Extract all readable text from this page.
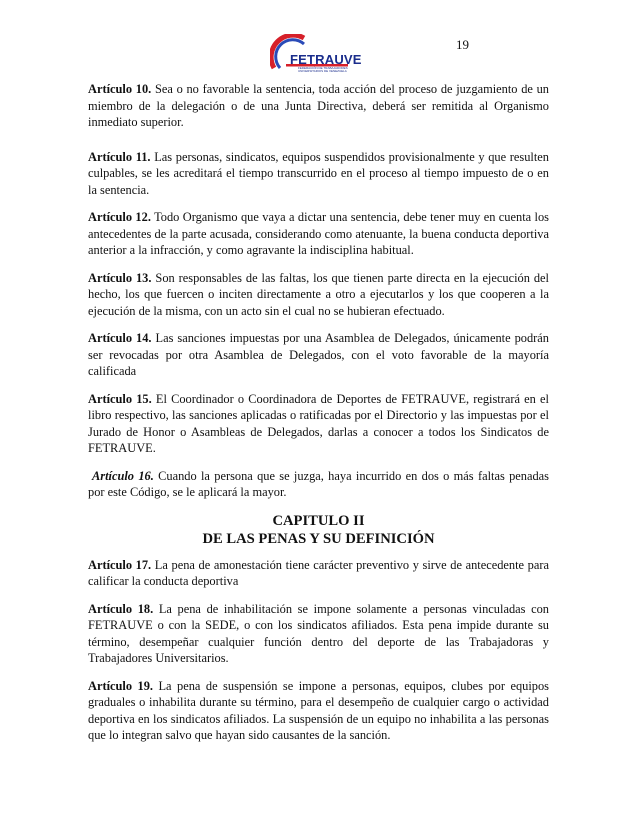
19
FETRAUVE
FEDERACIÓN DE TRABAJADORES UNIVERSITARIOS DE VENEZUELA

Artículo 10. Sea o no favorable la sentencia, toda acción del proceso de juzgamiento de un miembro de la delegación o de una Junta Directiva, deberá ser remitida al Organismo inmediato superior.

Artículo 11. Las personas, sindicatos, equipos suspendidos provisionalmente y que resulten culpables, se les acreditará el tiempo transcurrido en el proceso al tiempo impuesto de o en la sentencia.

Artículo 12. Todo Organismo que vaya a dictar una sentencia, debe tener muy en cuenta los antecedentes de la parte acusada, considerando como atenuante, la buena conducta deportiva anterior a la infracción, y como agravante la indisciplina habitual.

Artículo 13. Son responsables de las faltas, los que tienen parte directa en la ejecución del hecho, los que fuercen o inciten directamente a otro a ejecutarlos y los que cooperen a la ejecución de la misma, con un acto sin el cual no se hubieran efectuado.

Artículo 14. Las sanciones impuestas por una Asamblea de Delegados, únicamente podrán ser revocadas por otra Asamblea de Delegados, con el voto favorable de la mayoría calificada

Artículo 15. El Coordinador o Coordinadora de Deportes de FETRAUVE, registrará en el libro respectivo, las sanciones aplicadas o ratificadas por el Directorio y las impuestas por el Jurado de Honor o Asambleas de Delegados, darlas a conocer a todos los Sindicatos de FETRAUVE.

Artículo 16. Cuando la persona que se juzga, haya incurrido en dos o más faltas penadas por este Código, se le aplicará la mayor.

CAPITULO II
DE LAS PENAS Y SU DEFINICIÓN

Artículo 17. La pena de amonestación tiene carácter preventivo y sirve de antecedente para calificar la conducta deportiva

Artículo 18. La pena de inhabilitación se impone solamente a personas vinculadas con FETRAUVE o con la SEDE, o con los sindicatos afiliados. Esta pena impide durante su término, desempeñar cualquier función dentro del deporte de las Trabajadoras y Trabajadores Universitarios.

Artículo 19. La pena de suspensión se impone a personas, equipos, clubes por equipos graduales o inhabilita durante su término, para el desempeño de cualquier cargo o actividad deportiva en los sindicatos afiliados. La suspensión de un equipo no inhabilita a las personas que lo integran salvo que hayan sido causantes de la sanción.
